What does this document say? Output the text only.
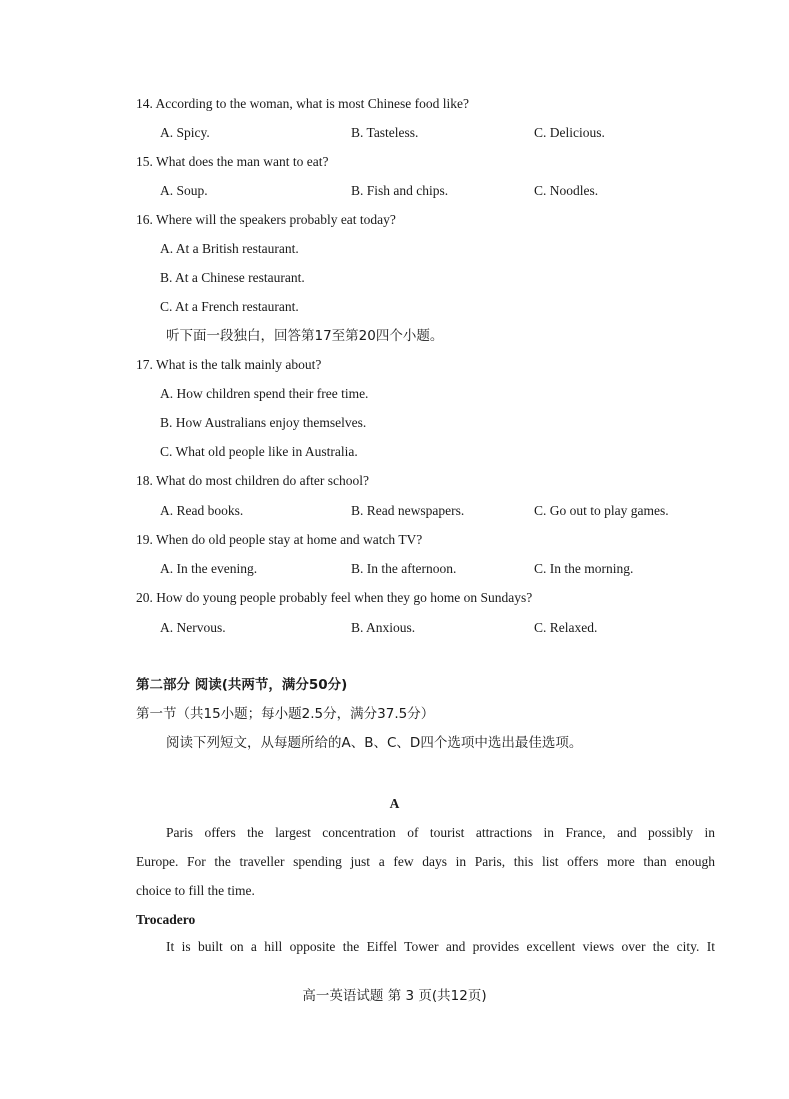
14. According to the woman, what is most Chinese food like?
A. Spicy.	B. Tasteless.	C. Delicious.
15. What does the man want to eat?
A. Soup.	B. Fish and chips.	C. Noodles.
16. Where will the speakers probably eat today?
A. At a British restaurant.
B. At a Chinese restaurant.
C. At a French restaurant.
听下面一段独白，回答第17至第20四个小题。
17. What is the talk mainly about?
A. How children spend their free time.
B. How Australians enjoy themselves.
C. What old people like in Australia.
18. What do most children do after school?
A. Read books.	B. Read newspapers.	C. Go out to play games.
19. When do old people stay at home and watch TV?
A. In the evening.	B. In the afternoon.	C. In the morning.
20. How do young people probably feel when they go home on Sundays?
A. Nervous.	B. Anxious.	C. Relaxed.
第二部分 阅读(共两节，满分50分)
第一节（共15小题；每小题2.5分，满分37.5分）
阅读下列短文，从每题所给的A、B、C、D四个选项中选出最佳选项。
A
Paris offers the largest concentration of tourist attractions in France, and possibly in
Europe. For the traveller spending just a few days in Paris, this list offers more than enough
choice to fill the time.
Trocadero
It is built on a hill opposite the Eiffel Tower and provides excellent views over the city. It
高一英语试题 第 3 页(共12页)
